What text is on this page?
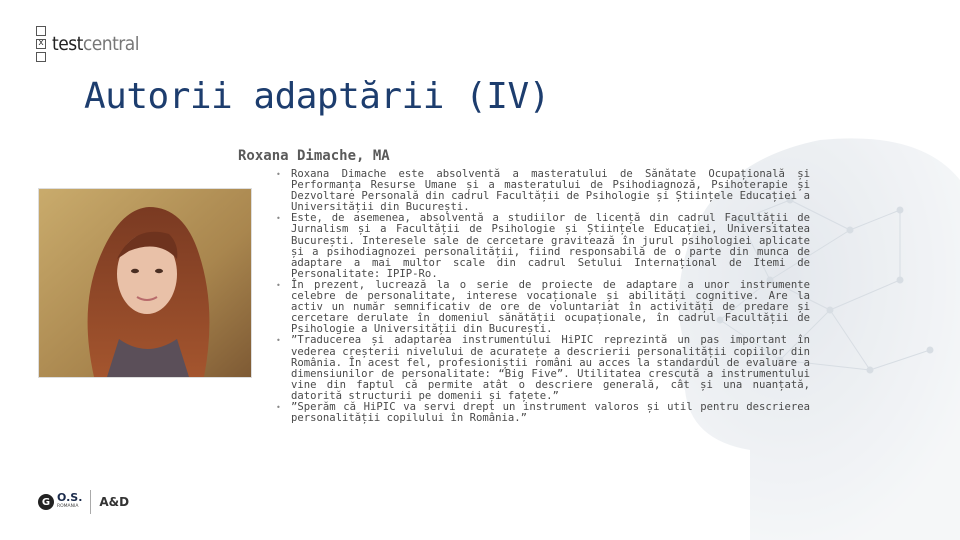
x testcentral
Autorii adaptării (IV)
Roxana Dimache, MA
• Roxana Dimache este absolventă a masteratului de Sănătate Ocupațională și Performanța Resurse Umane și a masteratului de Psihodiagnoză, Psihoterapie și Dezvoltare Personală din cadrul Facultății de Psihologie și Științele Educației a Universității din București.
• Este, de asemenea, absolventă a studiilor de licență din cadrul Facultății de Jurnalism și a Facultății de Psihologie și Științele Educației, Universitatea București. Interesele sale de cercetare gravitează în jurul psihologiei aplicate și a psihodiagnozei personalității, fiind responsabilă de o parte din munca de adaptare a mai multor scale din cadrul Setului Internațional de Itemi de Personalitate: IPIP-Ro.
• În prezent, lucrează la o serie de proiecte de adaptare a unor instrumente celebre de personalitate, interese vocaționale și abilități cognitive. Are la activ un număr semnificativ de ore de voluntariat în activități de predare și cercetare derulate în domeniul sănătății ocupaționale, în cadrul Facultății de Psihologie a Universității din București.
• ”Traducerea și adaptarea instrumentului HiPIC reprezintă un pas important în vederea creșterii nivelului de acuratețe a descrierii personalității copiilor din România. În acest fel, profesioniștii români au acces la standardul de evaluare a dimensiunilor de personalitate: “Big Five”. Utilitatea crescută a instrumentului vine din faptul că permite atât o descriere generală, cât și una nuanțată, datorită structurii pe domenii și fațete.”
• ”Sperăm că HiPIC va servi drept un instrument valoros și util pentru descrierea personalității copilului în România.”
G O.S.
ROMANIA	A&D
